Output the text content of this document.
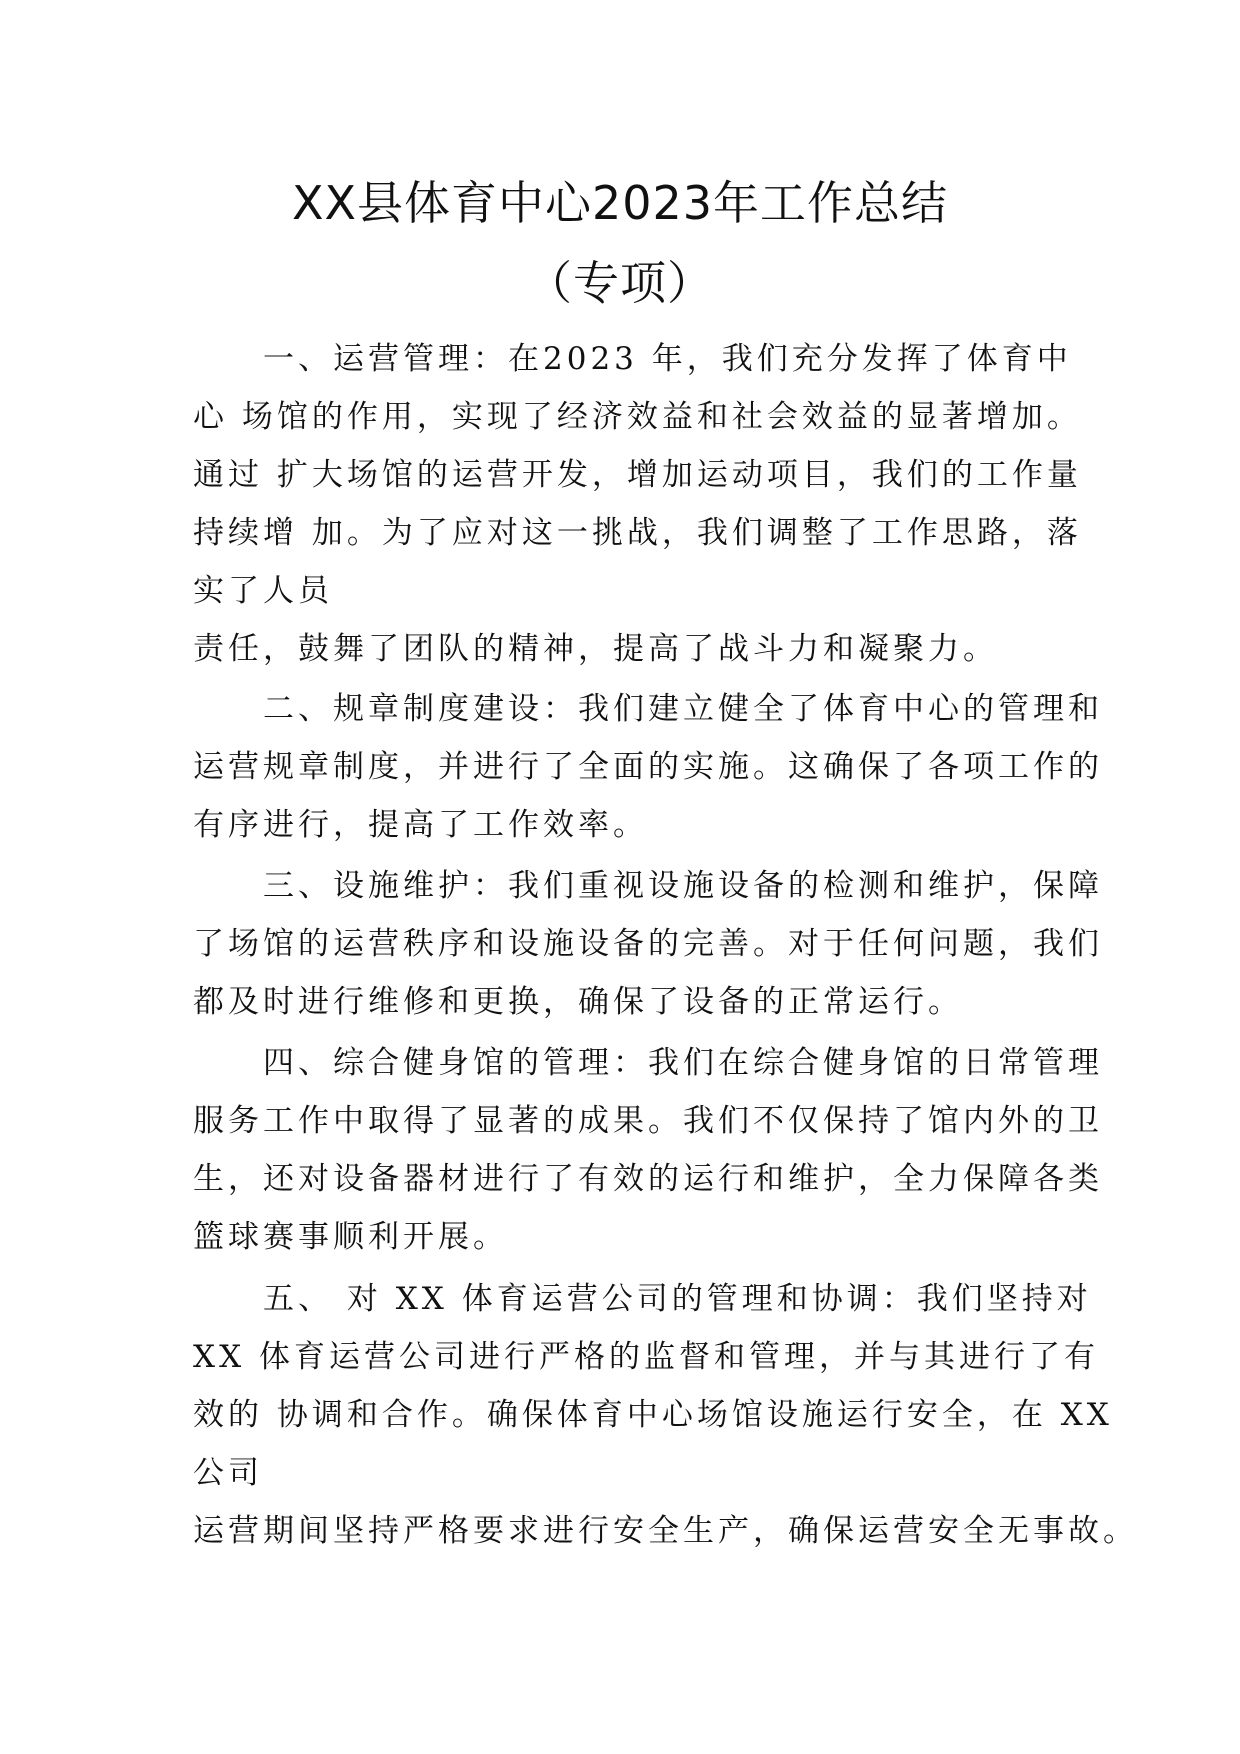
XX县体育中心2023年工作总结
（专项）
一、运营管理：在2023 年，我们充分发挥了体育中
心 场馆的作用，实现了经济效益和社会效益的显著增加。
通过 扩大场馆的运营开发，增加运动项目，我们的工作量
持续增 加。为了应对这一挑战，我们调整了工作思路，落
实了人员
责任，鼓舞了团队的精神，提高了战斗力和凝聚力。
二、规章制度建设：我们建立健全了体育中心的管理和
运营规章制度，并进行了全面的实施。这确保了各项工作的
有序进行，提高了工作效率。
三、设施维护：我们重视设施设备的检测和维护，保障
了场馆的运营秩序和设施设备的完善。对于任何问题，我们
都及时进行维修和更换，确保了设备的正常运行。
四、综合健身馆的管理：我们在综合健身馆的日常管理
服务工作中取得了显著的成果。我们不仅保持了馆内外的卫
生，还对设备器材进行了有效的运行和维护，全力保障各类
篮球赛事顺利开展。
五、 对 XX 体育运营公司的管理和协调：我们坚持对
XX 体育运营公司进行严格的监督和管理，并与其进行了有
效的 协调和合作。确保体育中心场馆设施运行安全，在 XX
公司
运营期间坚持严格要求进行安全生产，确保运营安全无事故。
